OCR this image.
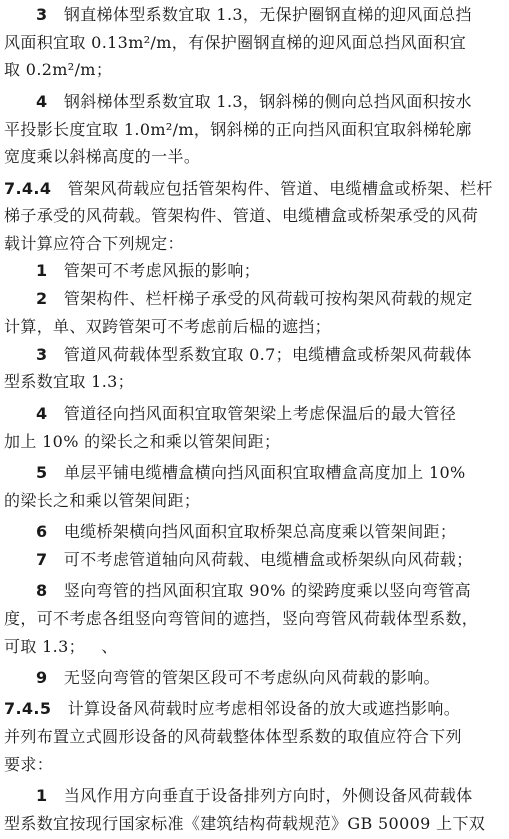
3  钢直梯体型系数宜取 1.3，无保护圈钢直梯的迎风面总挡
风面积宜取 0.13m²/m，有保护圈钢直梯的迎风面总挡风面积宜
取 0.2m²/m；
4  钢斜梯体型系数宜取 1.3，钢斜梯的侧向总挡风面积按水
平投影长度宜取 1.0m²/m，钢斜梯的正向挡风面积宜取斜梯轮廓
宽度乘以斜梯高度的一半。
7.4.4  管架风荷载应包括管架构件、管道、电缆槽盒或桥架、栏杆
梯子承受的风荷载。管架构件、管道、电缆槽盒或桥架承受的风荷
载计算应符合下列规定：
1  管架可不考虑风振的影响；
2  管架构件、栏杆梯子承受的风荷载可按构架风荷载的规定
计算，单、双跨管架可不考虑前后榀的遮挡；
3  管道风荷载体型系数宜取 0.7；电缆槽盒或桥架风荷载体
型系数宜取 1.3；
4  管道径向挡风面积宜取管架梁上考虑保温后的最大管径
加上 10% 的梁长之和乘以管架间距；
5  单层平铺电缆槽盒横向挡风面积宜取槽盒高度加上 10%
的梁长之和乘以管架间距；
6  电缆桥架横向挡风面积宜取桥架总高度乘以管架间距；
7  可不考虑管道轴向风荷载、电缆槽盒或桥架纵向风荷载；
8  竖向弯管的挡风面积宜取 90% 的梁跨度乘以竖向弯管高
度，可不考虑各组竖向弯管间的遮挡，竖向弯管风荷载体型系数，
可取 1.3；  、
9  无竖向弯管的管架区段可不考虑纵向风荷载的影响。
7.4.5  计算设备风荷载时应考虑相邻设备的放大或遮挡影响。
并列布置立式圆形设备的风荷载整体体型系数的取值应符合下列
要求：
1  当风作用方向垂直于设备排列方向时，外侧设备风荷载体
型系数宜按现行国家标准《建筑结构荷载规范》GB 50009 上下双
